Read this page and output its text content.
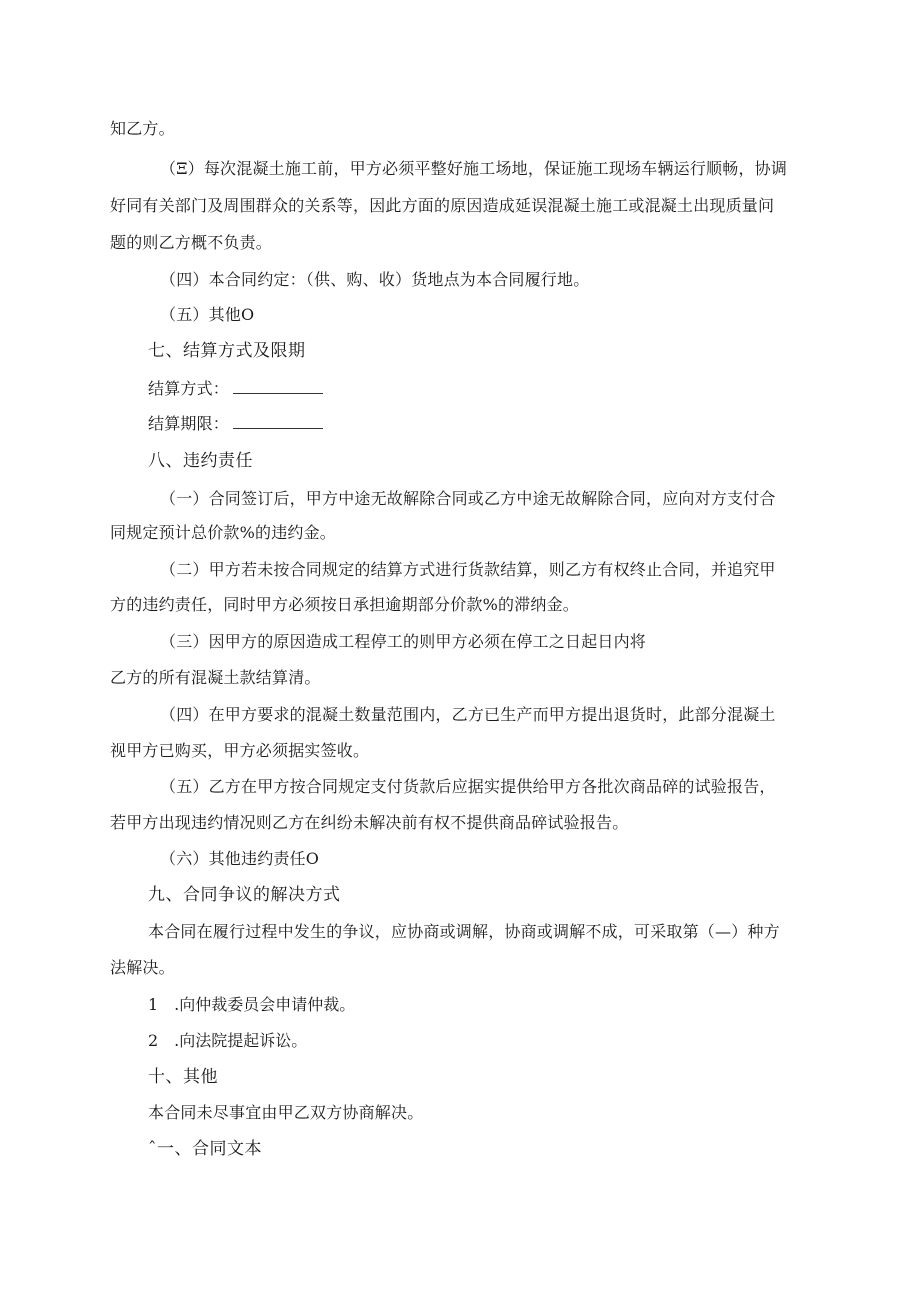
知乙方。
（Ξ）每次混凝土施工前，甲方必须平整好施工场地，保证施工现场车辆运行顺畅，协调
好同有关部门及周围群众的关系等，因此方面的原因造成延误混凝土施工或混凝土出现质量问
题的则乙方概不负责。
（四）本合同约定：（供、购、收）货地点为本合同履行地。
（五）其他O
七、结算方式及限期
结算方式：
结算期限：
八、违约责任
（一）合同签订后，甲方中途无故解除合同或乙方中途无故解除合同，应向对方支付合
同规定预计总价款%的违约金。
（二）甲方若未按合同规定的结算方式进行货款结算，则乙方有权终止合同，并追究甲
方的违约责任，同时甲方必须按日承担逾期部分价款%的滞纳金。
（三）因甲方的原因造成工程停工的则甲方必须在停工之日起日内将
乙方的所有混凝土款结算清。
（四）在甲方要求的混凝土数量范围内，乙方已生产而甲方提出退货时，此部分混凝土
视甲方已购买，甲方必须据实签收。
（五）乙方在甲方按合同规定支付货款后应据实提供给甲方各批次商品碎的试验报告，
若甲方出现违约情况则乙方在纠纷未解决前有权不提供商品碎试验报告。
（六）其他违约责任O
九、合同争议的解决方式
本合同在履行过程中发生的争议，应协商或调解，协商或调解不成，可采取第（—）种方
法解决。
1　.向仲裁委员会申请仲裁。
2　.向法院提起诉讼。
十、其他
本合同未尽事宜由甲乙双方协商解决。
ˆ一、合同文本
